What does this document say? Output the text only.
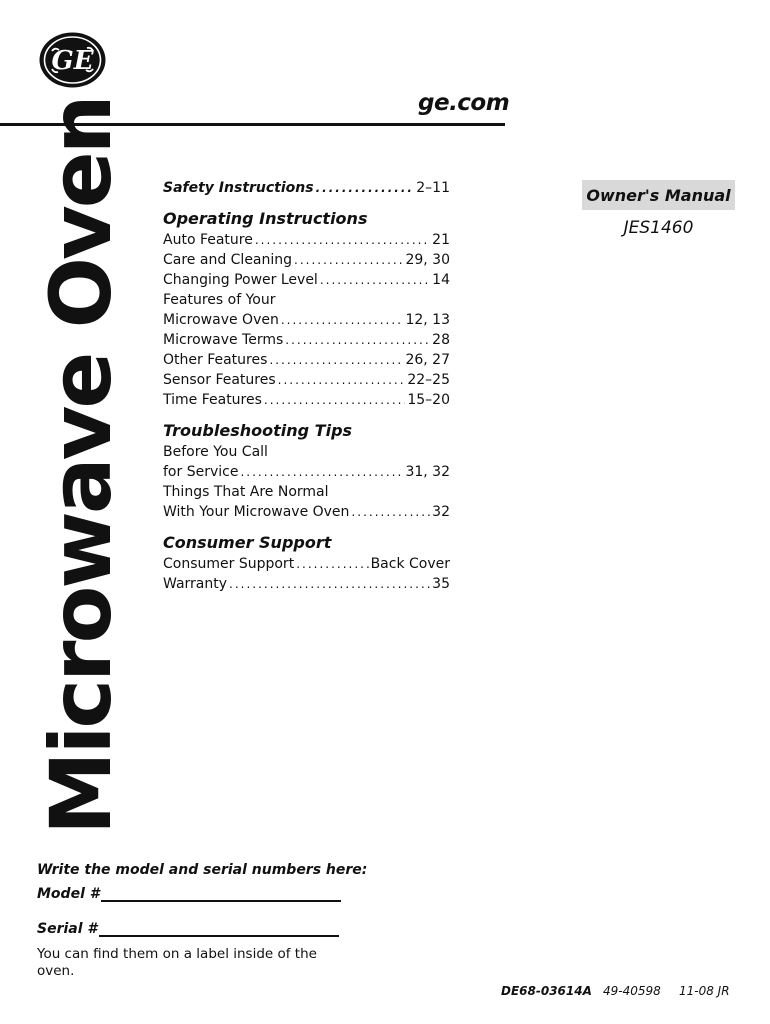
GE
ge.com
Microwave Oven Safety Instructions .....	2–11
Operating Instructions
Auto Feature .....	21
Care and Cleaning .....	29, 30
Changing Power Level .....	14
Features of Your
Microwave Oven .....	12, 13
Microwave Terms .....	28
Other Features .....	26, 27
Sensor Features .....	22–25
Time Features .....	15–20
Troubleshooting Tips
Before You Call
for Service .....	31, 32
Things That Are Normal
With Your Microwave Oven .....	32
Consumer Support
Consumer Support .....	Back Cover
Warranty .....	35
Owner's Manual
JES1460
Write the model and serial numbers here:
Model #
Serial #
You can find them on a label inside of the oven.
DE68-03614A 49-40598 11-08 JR
